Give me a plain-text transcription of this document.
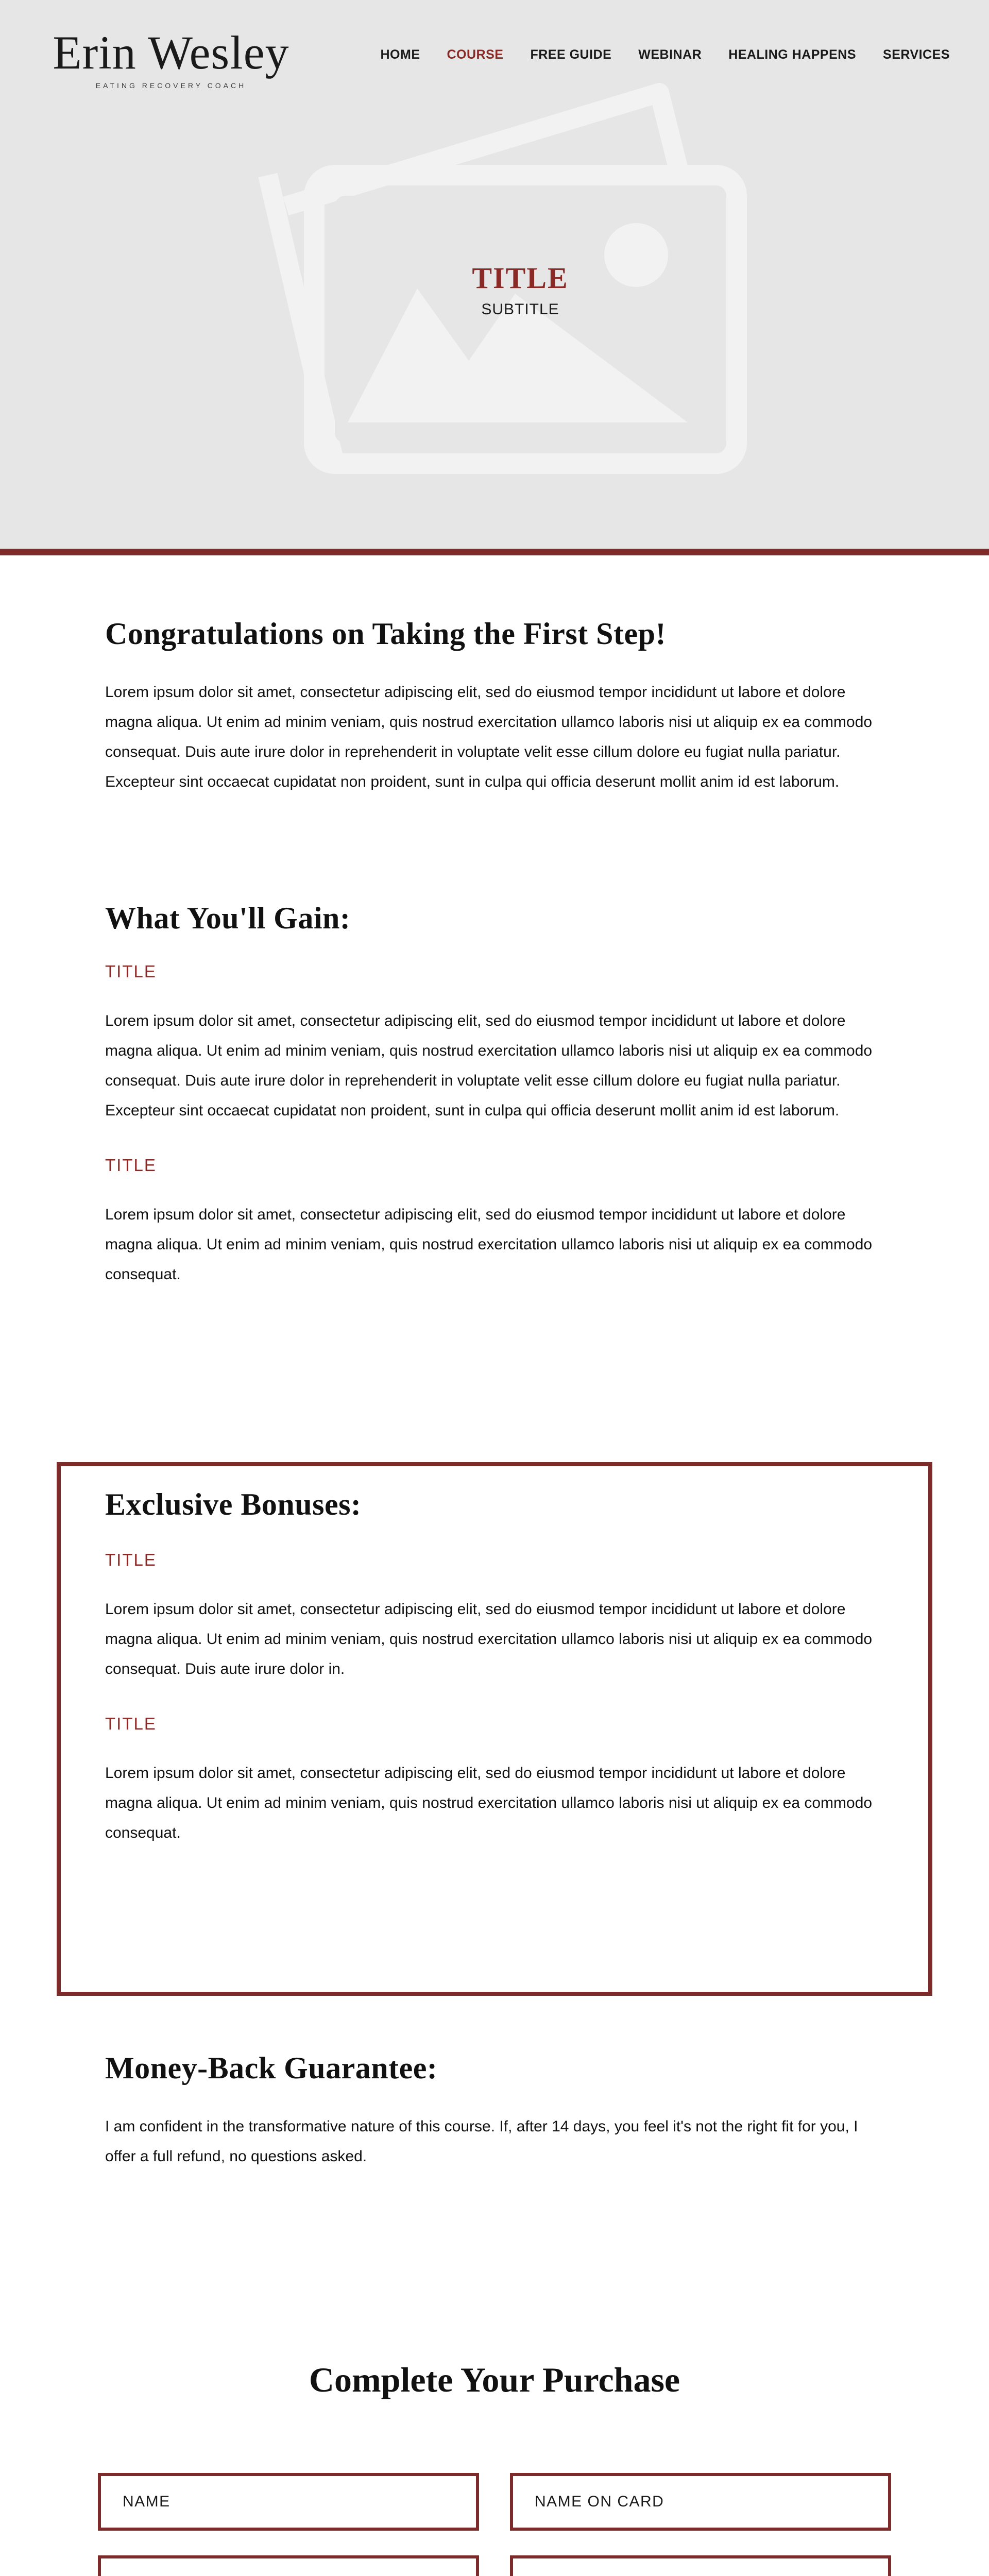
Erin Wesley
EATING RECOVERY COACH
HOME COURSE FREE GUIDE WEBINAR HEALING HAPPENS SERVICES
TITLE
SUBTITLE
Congratulations on Taking the First Step!
Lorem ipsum dolor sit amet, consectetur adipiscing elit, sed do eiusmod tempor incididunt ut labore et dolore magna aliqua. Ut enim ad minim veniam, quis nostrud exercitation ullamco laboris nisi ut aliquip ex ea commodo consequat. Duis aute irure dolor in reprehenderit in voluptate velit esse cillum dolore eu fugiat nulla pariatur. Excepteur sint occaecat cupidatat non proident, sunt in culpa qui officia deserunt mollit anim id est laborum.
What You'll Gain:
TITLE
Lorem ipsum dolor sit amet, consectetur adipiscing elit, sed do eiusmod tempor incididunt ut labore et dolore magna aliqua. Ut enim ad minim veniam, quis nostrud exercitation ullamco laboris nisi ut aliquip ex ea commodo consequat. Duis aute irure dolor in reprehenderit in voluptate velit esse cillum dolore eu fugiat nulla pariatur. Excepteur sint occaecat cupidatat non proident, sunt in culpa qui officia deserunt mollit anim id est laborum.
TITLE
Lorem ipsum dolor sit amet, consectetur adipiscing elit, sed do eiusmod tempor incididunt ut labore et dolore magna aliqua. Ut enim ad minim veniam, quis nostrud exercitation ullamco laboris nisi ut aliquip ex ea commodo consequat.
Exclusive Bonuses:
TITLE
Lorem ipsum dolor sit amet, consectetur adipiscing elit, sed do eiusmod tempor incididunt ut labore et dolore magna aliqua. Ut enim ad minim veniam, quis nostrud exercitation ullamco laboris nisi ut aliquip ex ea commodo consequat. Duis aute irure dolor in.
TITLE
Lorem ipsum dolor sit amet, consectetur adipiscing elit, sed do eiusmod tempor incididunt ut labore et dolore magna aliqua. Ut enim ad minim veniam, quis nostrud exercitation ullamco laboris nisi ut aliquip ex ea commodo consequat.
Money-Back Guarantee:
I am confident in the transformative nature of this course. If, after 14 days, you feel it's not the right fit for you, I offer a full refund, no questions asked.
Complete Your Purchase
NAME	NAME ON CARD
